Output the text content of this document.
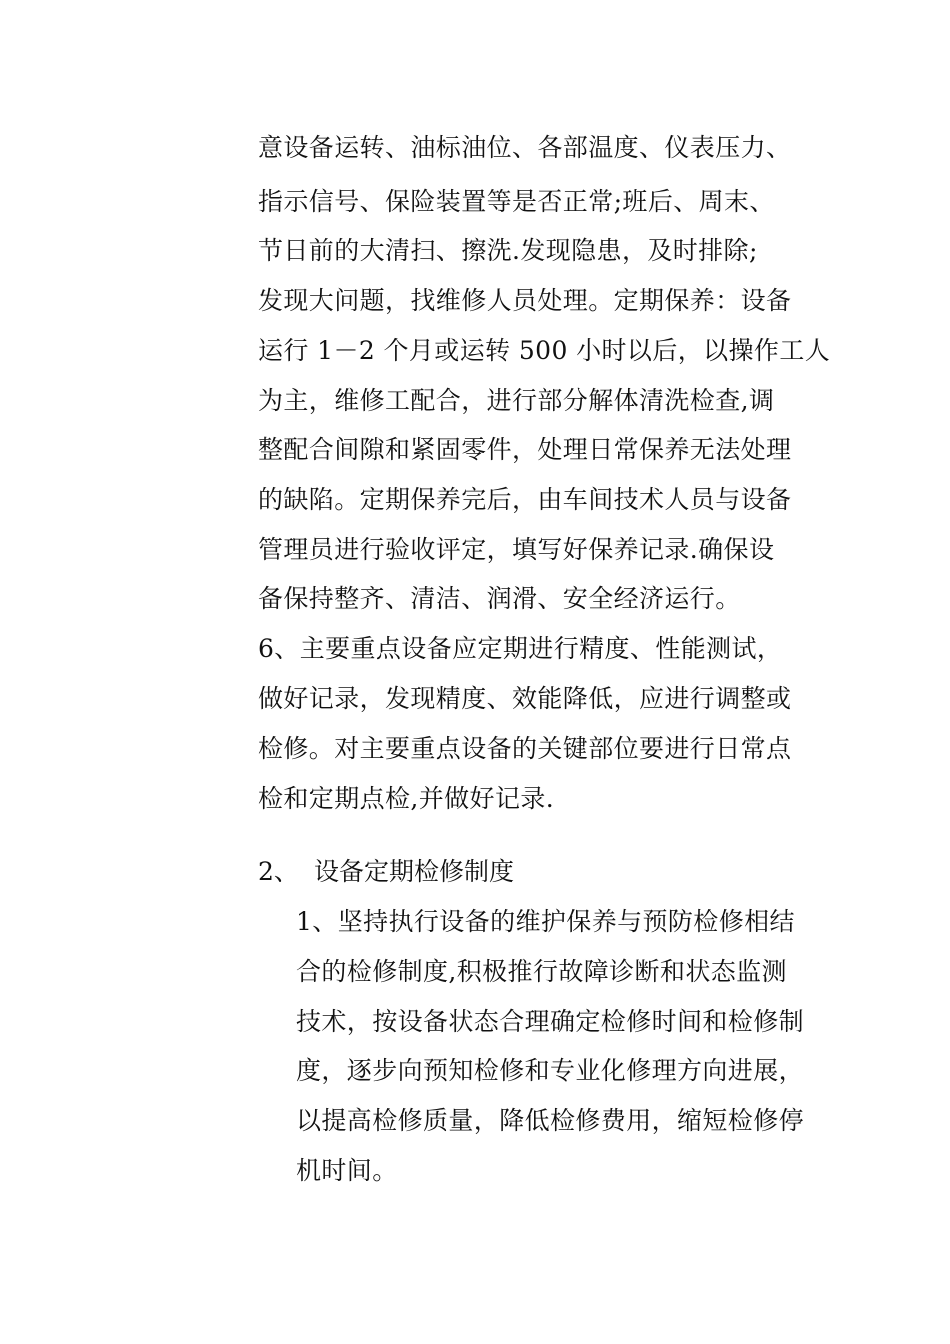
意设备运转、油标油位、各部温度、仪表压力、
指示信号、保险装置等是否正常;班后、周末、
节日前的大清扫、擦洗.发现隐患，及时排除;
发现大问题，找维修人员处理。定期保养：设备
运行 1－2 个月或运转 500 小时以后，以操作工人
为主，维修工配合，进行部分解体清洗检查,调
整配合间隙和紧固零件，处理日常保养无法处理
的缺陷。定期保养完后，由车间技术人员与设备
管理员进行验收评定，填写好保养记录.确保设
备保持整齐、清洁、润滑、安全经济运行。
6、主要重点设备应定期进行精度、性能测试，
做好记录，发现精度、效能降低，应进行调整或
检修。对主要重点设备的关键部位要进行日常点
检和定期点检,并做好记录.
2、 设备定期检修制度
1、坚持执行设备的维护保养与预防检修相结
合的检修制度,积极推行故障诊断和状态监测
技术，按设备状态合理确定检修时间和检修制
度，逐步向预知检修和专业化修理方向进展，
以提高检修质量，降低检修费用，缩短检修停
机时间。
